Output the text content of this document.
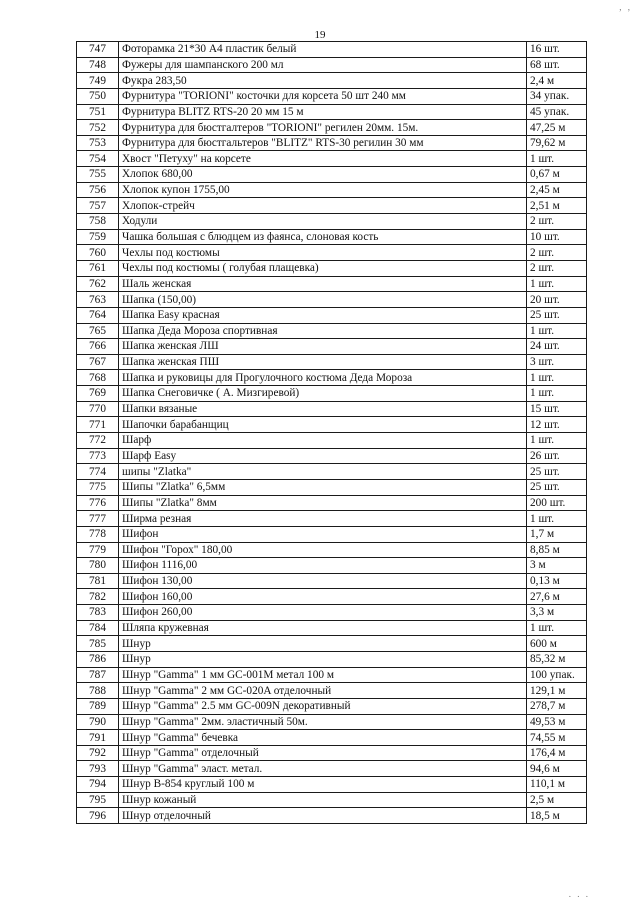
, ,
19
747	Фоторамка 21*30 А4 пластик белый	16 шт.
748	Фужеры для шампанского 200 мл	68 шт.
749	Фукра 283,50	2,4 м
750	Фурнитура "TORIONI" косточки для корсета 50 шт 240 мм	34 упак.
751	Фурнитура BLITZ RTS-20 20 мм 15 м	45 упак.
752	Фурнитура для бюстгалтеров "TORIONI" регилен 20мм. 15м.	47,25 м
753	Фурнитура для бюстгальтеров "BLITZ" RTS-30 регилин 30 мм	79,62 м
754	Хвост "Петуху" на корсете	1 шт.
755	Хлопок 680,00	0,67 м
756	Хлопок купон 1755,00	2,45 м
757	Хлопок-стрейч	2,51 м
758	Ходули	2 шт.
759	Чашка большая с блюдцем из фаянса, слоновая кость	10 шт.
760	Чехлы под костюмы	2 шт.
761	Чехлы под костюмы ( голубая плащевка)	2 шт.
762	Шаль женская	1 шт.
763	Шапка (150,00)	20 шт.
764	Шапка Easy красная	25 шт.
765	Шапка Деда Мороза спортивная	1 шт.
766	Шапка женская ЛШ	24 шт.
767	Шапка женская ПШ	3 шт.
768	Шапка и руковицы для Прогулочного костюма Деда Мороза	1 шт.
769	Шапка Снеговичке ( А. Мизгиревой)	1 шт.
770	Шапки вязаные	15 шт.
771	Шапочки барабанщиц	12 шт.
772	Шарф	1 шт.
773	Шарф Easy	26 шт.
774	шипы "Zlatka"	25 шт.
775	Шипы "Zlatka" 6,5мм	25 шт.
776	Шипы "Zlatka" 8мм	200 шт.
777	Ширма резная	1 шт.
778	Шифон	1,7 м
779	Шифон "Горох" 180,00	8,85 м
780	Шифон 1116,00	3 м
781	Шифон 130,00	0,13 м
782	Шифон 160,00	27,6 м
783	Шифон 260,00	3,3 м
784	Шляпа кружевная	1 шт.
785	Шнур	600 м
786	Шнур	85,32 м
787	Шнур "Gamma" 1 мм GC-001M метал 100 м	100 упак.
788	Шнур "Gamma" 2 мм GC-020A отделочный	129,1 м
789	Шнур "Gamma" 2.5 мм GC-009N декоративный	278,7 м
790	Шнур "Gamma" 2мм. эластичный 50м.	49,53 м
791	Шнур "Gamma" бечевка	74,55 м
792	Шнур "Gamma" отделочный	176,4 м
793	Шнур "Gamma" эласт. метал.	94,6 м
794	Шнур B-854 круглый 100 м	110,1 м
795	Шнур кожаный	2,5 м
796	Шнур отделочный	18,5 м
. . .
